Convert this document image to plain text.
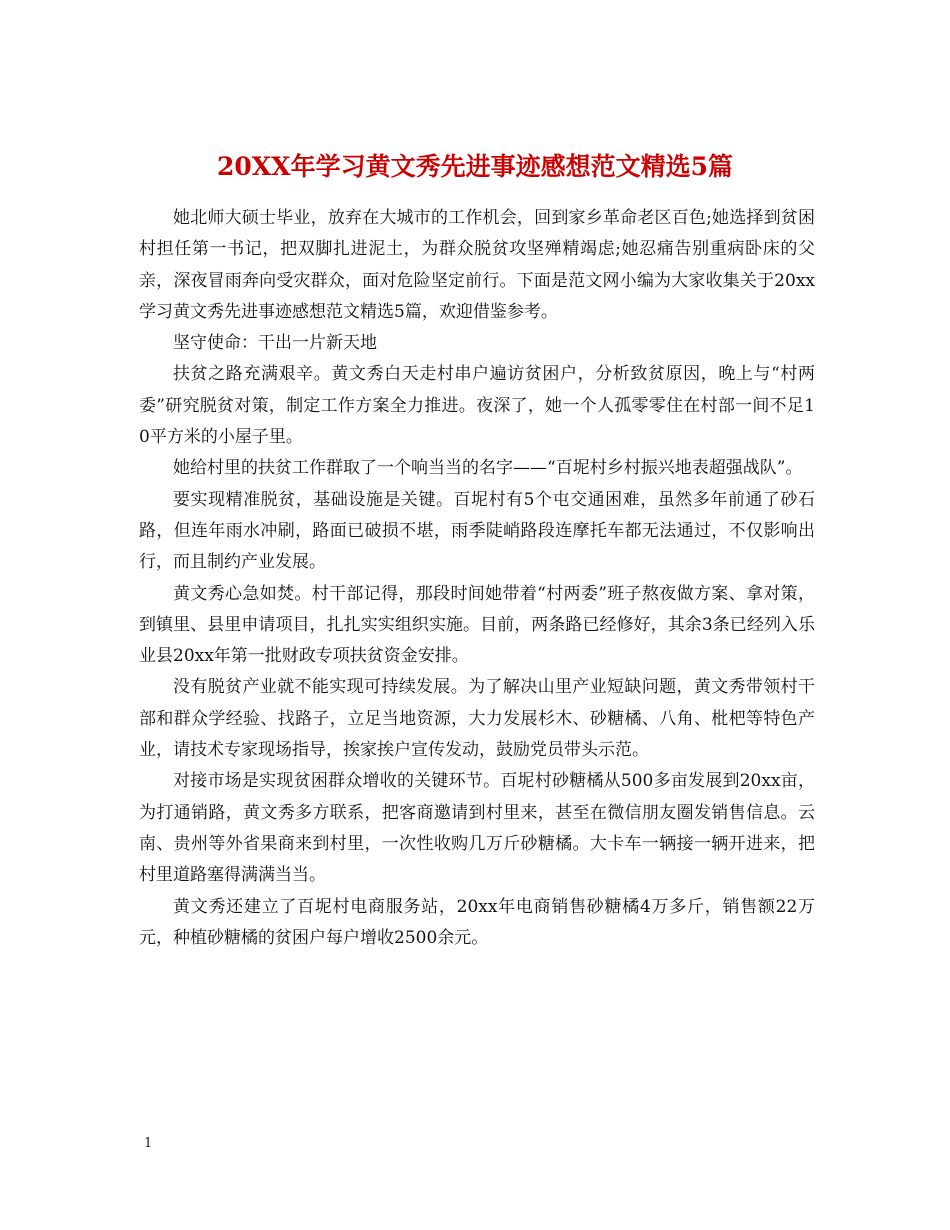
20XX年学习黄文秀先进事迹感想范文精选5篇

她北师大硕士毕业，放弃在大城市的工作机会，回到家乡革命老区百色;她选择到贫困村担任第一书记，把双脚扎进泥土，为群众脱贫攻坚殚精竭虑;她忍痛告别重病卧床的父亲，深夜冒雨奔向受灾群众，面对危险坚定前行。下面是范文网小编为大家收集关于20xx学习黄文秀先进事迹感想范文精选5篇，欢迎借鉴参考。

坚守使命：干出一片新天地

扶贫之路充满艰辛。黄文秀白天走村串户遍访贫困户，分析致贫原因，晚上与“村两委”研究脱贫对策，制定工作方案全力推进。夜深了，她一个人孤零零住在村部一间不足10平方米的小屋子里。

她给村里的扶贫工作群取了一个响当当的名字——“百坭村乡村振兴地表超强战队”。

要实现精准脱贫，基础设施是关键。百坭村有5个屯交通困难，虽然多年前通了砂石路，但连年雨水冲刷，路面已破损不堪，雨季陡峭路段连摩托车都无法通过，不仅影响出行，而且制约产业发展。

黄文秀心急如焚。村干部记得，那段时间她带着“村两委”班子熬夜做方案、拿对策，到镇里、县里申请项目，扎扎实实组织实施。目前，两条路已经修好，其余3条已经列入乐业县20xx年第一批财政专项扶贫资金安排。

没有脱贫产业就不能实现可持续发展。为了解决山里产业短缺问题，黄文秀带领村干部和群众学经验、找路子，立足当地资源，大力发展杉木、砂糖橘、八角、枇杷等特色产业，请技术专家现场指导，挨家挨户宣传发动，鼓励党员带头示范。

对接市场是实现贫困群众增收的关键环节。百坭村砂糖橘从500多亩发展到20xx亩，为打通销路，黄文秀多方联系，把客商邀请到村里来，甚至在微信朋友圈发销售信息。云南、贵州等外省果商来到村里，一次性收购几万斤砂糖橘。大卡车一辆接一辆开进来，把村里道路塞得满满当当。

黄文秀还建立了百坭村电商服务站，20xx年电商销售砂糖橘4万多斤，销售额22万元，种植砂糖橘的贫困户每户增收2500余元。

1
